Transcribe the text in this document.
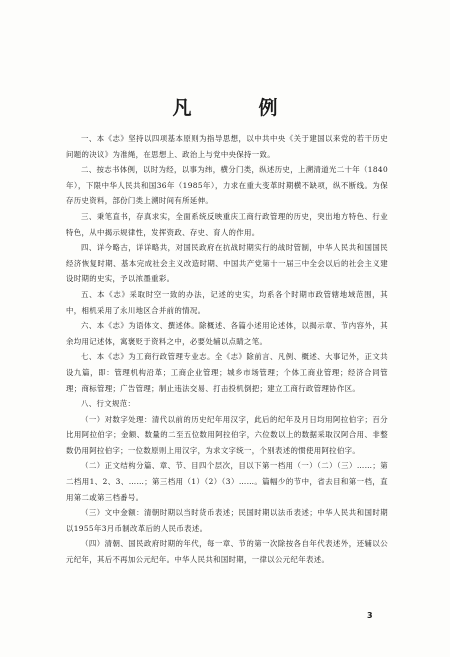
凡　例

一、本《志》坚持以四项基本原则为指导思想，以中共中央《关于建国以来党的若干历史问题的决议》为准绳，在思想上、政治上与党中央保持一致。

二、按志书体例，以时为经，以事为纬，横分门类，纵述历史，上溯清道光二十年（1840年），下限中华人民共和国36年（1985年），力求在重大变革时期横不缺项，纵不断线。为保存历史资料，部份门类上溯时间有所延伸。

三、秉笔直书，存真求实，全面系统反映重庆工商行政管理的历史，突出地方特色、行业特色，从中揭示规律性，发挥资政、存史、育人的作用。

四、详今略古，详详略共，对国民政府在抗战时期实行的战时管制，中华人民共和国国民经济恢复时期、基本完成社会主义改造时期、中国共产党第十一届三中全会以后的社会主义建设时期的史实，予以浓墨重彩。

五、本《志》采取时空一致的办法，记述的史实，均系各个时期市政管辖地域范围，其中，相机采用了永川地区合并前的情况。

六、本《志》为语体文、撰述体。除概述、各篇小述用论述体，以揭示章、节内容外，其余均用记述体，寓褒贬于资料之中，必要处辅以点睛之笔。

七、本《志》为工商行政管理专业志。全《志》除前言、凡例、概述、大事记外，正文共设九篇，即：管理机构沿革；工商企业管理；城乡市场管理；个体工商业管理；经济合同管理；商标管理；广告管理；制止违法交易、打击投机倒把；建立工商行政管理协作区。

八、行文规范：

（一）对数字处理：清代以前的历史纪年用汉字，此后的纪年及月日均用阿拉伯字；百分比用阿拉伯字；金额、数量的二至五位数用阿拉伯字，六位数以上的数据采取汉阿合用、非整数仍用阿拉伯字；一位数原则上用汉字，为求文字统一，个别表述的惯使用阿拉伯字。

（二）正文结构分篇、章、节、目四个层次，目以下第一档用（一）（二）（三）……；第二档用1、2、3、……；第三档用（1）（2）（3）……。篇幅少的节中，省去目和第一档，直用第二或第三档番号。

（三）文中金额：清朝时期以当时货币表述；民国时期以法币表述；中华人民共和国时期以1955年3月币制改革后的人民币表述。

（四）清朝、国民政府时期的年代，每一章、节的第一次除按各自年代表述外，还辅以公元纪年，其后不再加公元纪年。中华人民共和国时期，一律以公元纪年表述。

3
